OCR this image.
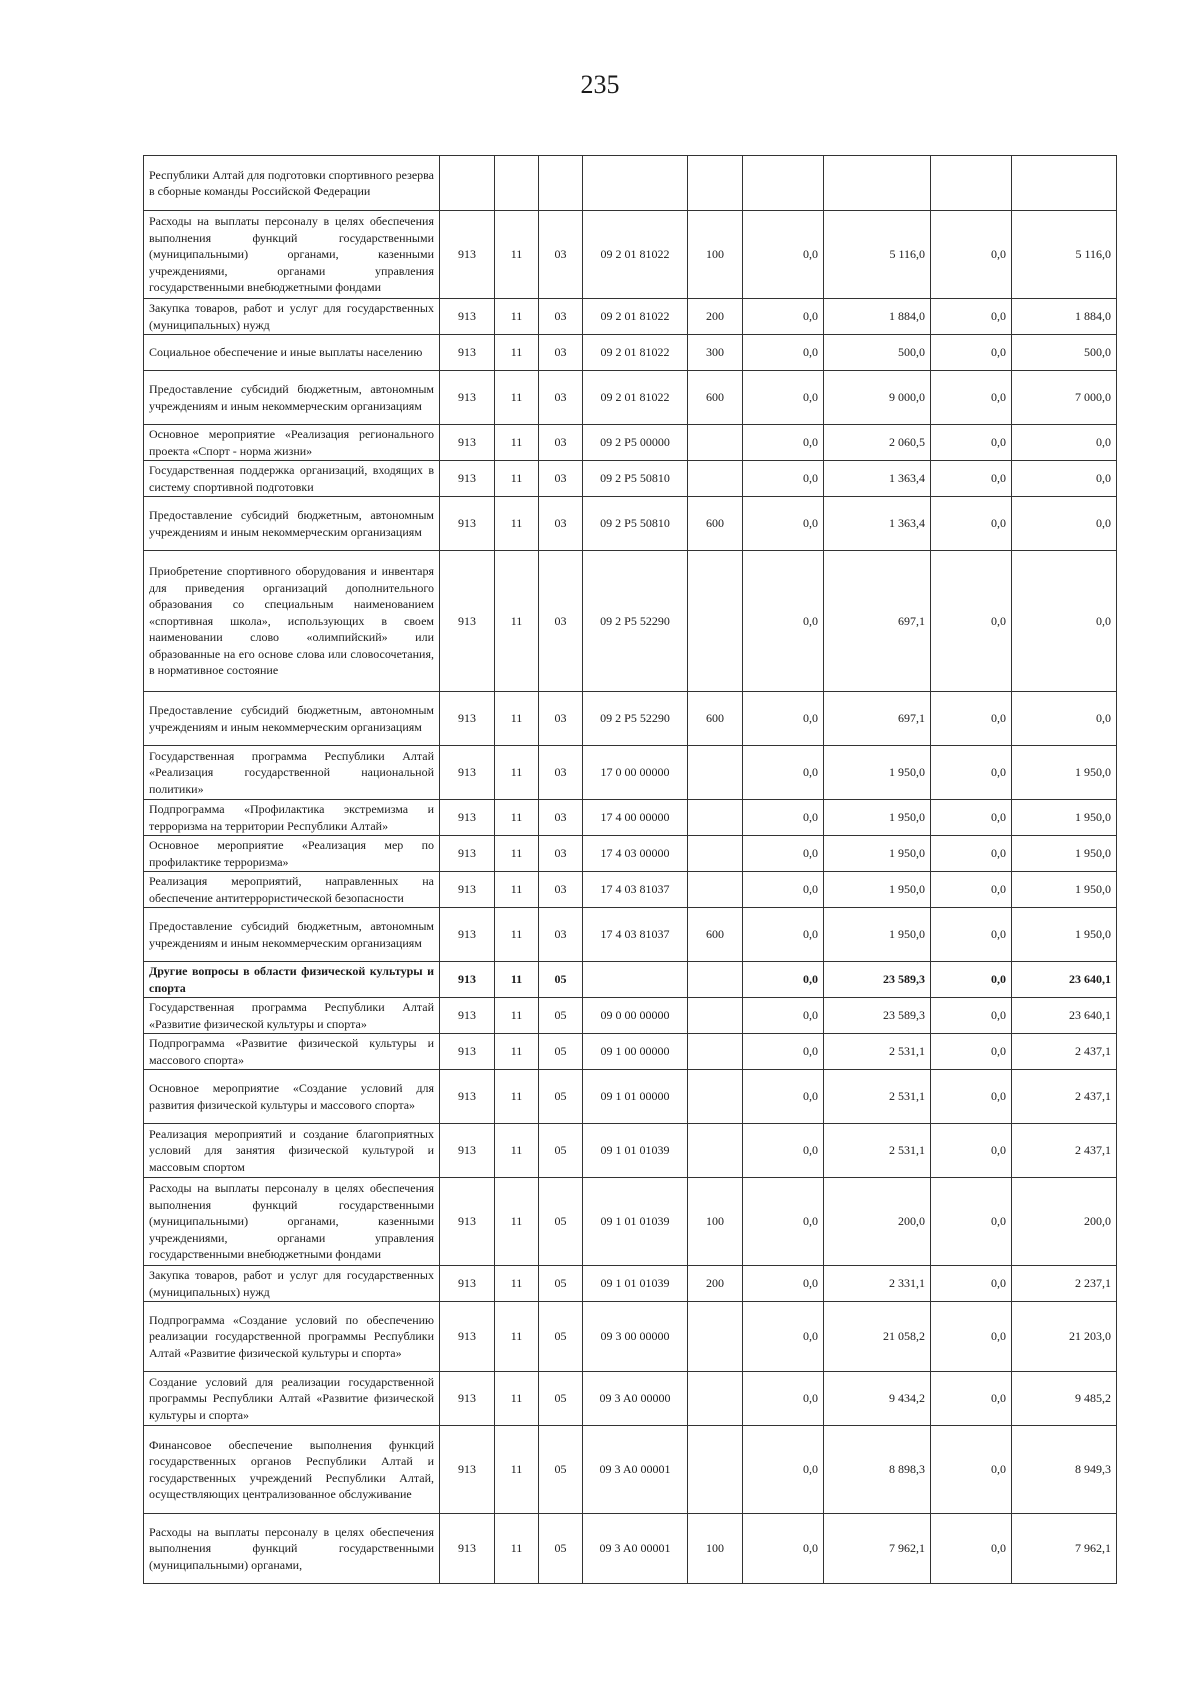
235
Республики Алтай для подготовки спортивного резерва в сборные команды Российской Федерации									
Расходы на выплаты персоналу в целях обеспечения выполнения функций государственными (муниципальными) органами, казенными учреждениями, органами управления государственными внебюджетными фондами	913	11	03	09 2 01 81022	100	0,0	5 116,0	0,0	5 116,0
Закупка товаров, работ и услуг для государственных (муниципальных) нужд	913	11	03	09 2 01 81022	200	0,0	1 884,0	0,0	1 884,0
Социальное обеспечение и иные выплаты населению	913	11	03	09 2 01 81022	300	0,0	500,0	0,0	500,0
Предоставление субсидий бюджетным, автономным учреждениям и иным некоммерческим организациям	913	11	03	09 2 01 81022	600	0,0	9 000,0	0,0	7 000,0
Основное мероприятие «Реализация регионального проекта «Спорт - норма жизни»	913	11	03	09 2 P5 00000		0,0	2 060,5	0,0	0,0
Государственная поддержка организаций, входящих в систему спортивной подготовки	913	11	03	09 2 P5 50810		0,0	1 363,4	0,0	0,0
Предоставление субсидий бюджетным, автономным учреждениям и иным некоммерческим организациям	913	11	03	09 2 P5 50810	600	0,0	1 363,4	0,0	0,0
Приобретение спортивного оборудования и инвентаря для приведения организаций дополнительного образования со специальным наименованием «спортивная школа», использующих в своем наименовании слово «олимпийский» или образованные на его основе слова или словосочетания, в нормативное состояние	913	11	03	09 2 P5 52290		0,0	697,1	0,0	0,0
Предоставление субсидий бюджетным, автономным учреждениям и иным некоммерческим организациям	913	11	03	09 2 P5 52290	600	0,0	697,1	0,0	0,0
Государственная программа Республики Алтай «Реализация государственной национальной политики»	913	11	03	17 0 00 00000		0,0	1 950,0	0,0	1 950,0
Подпрограмма «Профилактика экстремизма и терроризма на территории Республики Алтай»	913	11	03	17 4 00 00000		0,0	1 950,0	0,0	1 950,0
Основное мероприятие «Реализация мер по профилактике терроризма»	913	11	03	17 4 03 00000		0,0	1 950,0	0,0	1 950,0
Реализация мероприятий, направленных на обеспечение антитеррористической безопасности	913	11	03	17 4 03 81037		0,0	1 950,0	0,0	1 950,0
Предоставление субсидий бюджетным, автономным учреждениям и иным некоммерческим организациям	913	11	03	17 4 03 81037	600	0,0	1 950,0	0,0	1 950,0
Другие вопросы в области физической культуры и спорта	913	11	05			0,0	23 589,3	0,0	23 640,1
Государственная программа Республики Алтай «Развитие физической культуры и спорта»	913	11	05	09 0 00 00000		0,0	23 589,3	0,0	23 640,1
Подпрограмма «Развитие физической культуры и массового спорта»	913	11	05	09 1 00 00000		0,0	2 531,1	0,0	2 437,1
Основное мероприятие «Создание условий для развития физической культуры и массового спорта»	913	11	05	09 1 01 00000		0,0	2 531,1	0,0	2 437,1
Реализация мероприятий и создание благоприятных условий для занятия физической культурой и массовым спортом	913	11	05	09 1 01 01039		0,0	2 531,1	0,0	2 437,1
Расходы на выплаты персоналу в целях обеспечения выполнения функций государственными (муниципальными) органами, казенными учреждениями, органами управления государственными внебюджетными фондами	913	11	05	09 1 01 01039	100	0,0	200,0	0,0	200,0
Закупка товаров, работ и услуг для государственных (муниципальных) нужд	913	11	05	09 1 01 01039	200	0,0	2 331,1	0,0	2 237,1
Подпрограмма «Создание условий по обеспечению реализации государственной программы Республики Алтай «Развитие физической культуры и спорта»	913	11	05	09 3 00 00000		0,0	21 058,2	0,0	21 203,0
Создание условий для реализации государственной программы Республики Алтай «Развитие физической культуры и спорта»	913	11	05	09 3 A0 00000		0,0	9 434,2	0,0	9 485,2
Финансовое обеспечение выполнения функций государственных органов Республики Алтай и государственных учреждений Республики Алтай, осуществляющих централизованное обслуживание	913	11	05	09 3 A0 00001		0,0	8 898,3	0,0	8 949,3
Расходы на выплаты персоналу в целях обеспечения выполнения функций государственными (муниципальными) органами,	913	11	05	09 3 A0 00001	100	0,0	7 962,1	0,0	7 962,1
